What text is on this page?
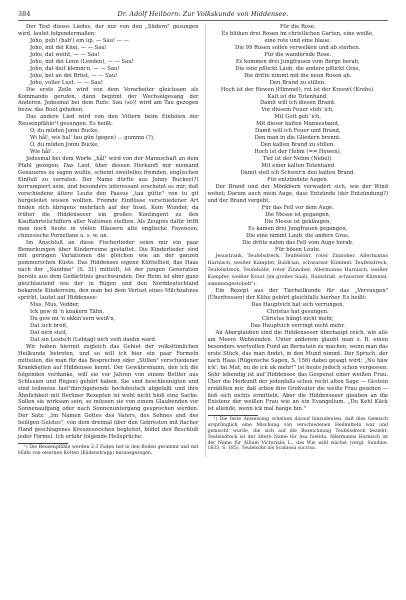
384	Dr. Adolf Heilborn: Zur Volkskunde von Hiddensee.

Der Text dieses Liedes, der nur von den „Südern" gesungen wird, lautet folgendermaßen:

Joho, puh! (hab') em up. — Sau! — —
Joho, mit dei Knei, — — Sau!
Joho, dat weiht, — — Sau!
Joho, mit dei Lenn (Lenden), — — Sau!
Joho, dat deit klemm'n. — — Sau!
Joho, bet an dei Brüst, — — Sau!
Joho, voller Lust. — — Sau!

Die erste Zeile wird von dem Vorarbeiter gleichsam als Kommando gerufen, dann beginnt der Wechselgesang der Anderen. Jedesmal bei dem Rufe: Sau (so)! wird am Tau gezogen bezw. das Boot gehoben.

Das andere Lied wird von den Vittern beim Einholen der Reusenpfähle¹) gesungen. Es heißt:

O, du müden Jonni Bucke,
Wi hål', wis hal' tau gün (gegen) ... gummn (?),
O, du müden Jonni Bucke,
Wie hål' . . .

Jedesmal bei dem Worte „hål" wird von der Mannschaft an dem Pfahl gezogen. Das Lied, über dessen Herkunft mir niemand Genaueres zu sagen wußte, scheint zweifellos fremden, englischen Einfluß zu verraten. Der Name dürfte aus Jonny Buckey(?) korrumpiert sein, und besonders interessant erscheint es mir, daß verschiedene ältere Leute den Passus „tau gütte" von tu git hergeleitet wissen wollten. Fremde Einflüsse verschiedener Art finden sich übrigens mehrfach auf der Insel. Kein Wunder, da früher die Hiddenseeer ein großes Kontingent zu den Kauffahrteischiffern aller Nationen stellten. Als Zeugnis dafür trifft man noch heute in vielen Häusern alte englische Fayencen, chinesische Porzellane u. s. w. an.

Im Anschluß an diese Fischerlieder seien mir ein paar Bemerkungen über Kinderreime gestattet. Die Kinderlieder sind mit geringen Variationen die gleichen wie an der ganzen pommerschen Küste. Das Hiddensee eigene Klöttellied, das Haas nach der „Sundine" (S. 31) mitteilt, ist der jungen Generation bereits aus dem Gedächtnis geschwunden. Der Reim ist aber ganz gleichlautend wie der in Rügen und den Norddeutschland bekannte Kinderreim, den man bei dem Verlust eines Milchzahnes spricht, lautet auf Hiddensee:

Mus, Mus, Vedder,
Ick gew di 'n knakern Tähn,
Du gew mi 'n ekkin'sern weiß'n,
Dat sich breit,
Dat nich steit,
Dat sin Leidsch (Lebtag) nich veih dauhn ward.

Wir haben hiermit zugleich das Gebiet der volkstümlichen Heilkunde betreten, und so will ich hier ein paar Formeln mitteilen, die man für das Besprechen oder „Stillen" verschiedener Krankheiten auf Hiddensee kennt. Der Gewährsmann, den ich die folgenden verdanke, will sie vor Jahren von einem Bettler aus Schlesien und Rügen) gehört haben. Sie sind beschleunigten und sind teilweise fast"durchgehends hochdeutsch abgefaßt und ihre Ähnlichkeit mit Berliner Rezepten ist wohl nicht bloß eine Sache. Sollen sie wirksam sein, so müssen sie von einem Glaubenden vor Sonnenaufgang oder nach Sonnenuntergang gesprochen werden. Der Satz: „Im Namen Gottes des Vaters, des Sohnes und des heiligen Geistes", von dem dreimal über den Gebresten mit flacher Hand geschlagenes Kreuzeszeichen begleitet, bildet den Beschluß jeder Formel. Ich erfahr folgende Heilsprüche:

¹) Die Reusenpfähle werden 2-3 Faden tief in den Boden gerammt und mit Hülfe von eisernen Ketten (Kädenstrupp) herausgezogen.

Für die Rose.
Es blühen drei Rosen im christlichen Garten, eine weiße,
eine rote und eine blaue.
Die 99 Rosen sollen verwelken und ab sterben.
Für die wandernde Rose.
Es kommen drei Jungfrauen vom Berge herab,
Die eine pflückt Laub, die andere pflückt Gras,
Die dritte nimmt mit die neun Rosen ab.
Den Brand zu stillen.
Hoch ist der Hewen (Himmel), rot ist der Kreewt (Krebs).
Kalt ist die Totenhand.
Damit will ich diesen Brand.
Vor diesem Feuer steh' ich,
Mit Gott geh' ich,
Mit dieser kalten Mannesband,
Damit will ich Feuer und Brand,
Den man in die Gliedern brennt.
Den kalten Brand zu stillen.
Hoch ist der Hebm (== Hewen),
Tief ist der Nebm (Nebel).
Mit einer kalten Totenhand
Damit stell ich Schwer'n den kalten Brand.
Für entzündete Augen.

Der Brand und der Mönkbern verwadert sich, wie der Wind wehet; Darum auch mein Auge, dass Entzünde (der Entzündung?) und der Brand vergeht.

Für das Fell vor dem Auge.
Die Messe ist gegangen,
Die Messe ist gekläugen,
Es kamen drei Jungfrauen gegangen,
Die eine nimmt Laub, die andere Gras,
Die dritte nahm das Fell vom Auge herab.
Für bösen Leute.

Jesustrank, Teufelsdreck, Teufelsöhr, roter Zinnober, Allermanns Harnisch, weißer Kampfer, Baldrian, schwarzer Kümmel. Teufelsdreck, Teufelsdreck, Teufelsöhr, roter Zinnober, Allermanns Harnisch, weißer Kampfer, weißer Kraut (im großer Saal), Rainstraß, schwarzer Kümmel, sammengestobelt").

Ein Rezept aus der Tierheilkunde für das „Vervaugen" (Überfressen) der Kühe gehört gleichfalls hierher. Es heißt:

Das Hauptvich hat sich verrungen,
Christus hat gesungen.
Christus hängt nicht mehr,
Das Hauptvich verringt nicht mehr.

An Aberglauben sind die Hiddenseeer überhaupt reich, wie alle am Meere Wohnenden. Unter anderem glaubt man z. B. einen besonders wertvollen Fund an Bernstein zu machen, wenn man das erste Stück, das man findet, in den Mund nimmt. Der Spruch, der nach Haas (Rügensche Sagen, S. 156) dabei gesagt wird: „Nu häw ick'; fat Mut, nu de ick uk mehr!" ist heute jedoch schon vergessen. Sehr lebendig ist auf Hiddensee das Gespenst einer weißen Frau. Über die Herkunft der jedenfalls schon recht alten Sage — Gestein erzählten mir, daß schon ihre Großväter die weiße Frau gesehen — ließ sich nichts ermitteln. Aber die Hiddenseeer glauben an die Existenz der weißen Frau wie an ein Evangelium. „Du Kehl Käck ist aliende, wenn ick mal bange bin."

¹) Die feste Anweisung scheinen darauf hinzudeuten, daß dies Gemisch ursprünglich eine Mischung von verschiedenen Heilmitteln war und gemischt wurde, die sich auf die Bezeichnung Teufelsdreck bezieht; Teufelsdreck ist der ältere Name für Asa foetida, Allermanns Harnisch ist der Name für Allium Victorialis L., das Wie wild wächst (vergl. Sundine, 1833, S. 185). Teufelsöhr als Scabiosa succisa.
